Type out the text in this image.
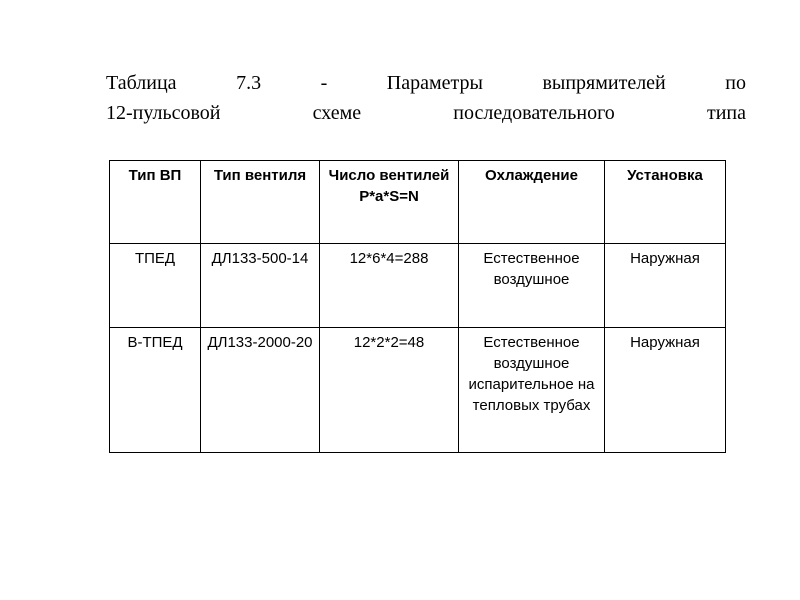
Таблица	7.3	-	Параметры	выпрямителей	по
12-пульсовой	схеме	последовательного	типа
Тип ВП	Тип вентиля	Число вентилей P*a*S=N	Охлаждение	Установка
ТПЕД	ДЛ133-500-14	12*6*4=288	Естественное воздушное	Наружная
В-ТПЕД	ДЛ133-2000-20	12*2*2=48	Естественное воздушное испарительное на тепловых трубах	Наружная
